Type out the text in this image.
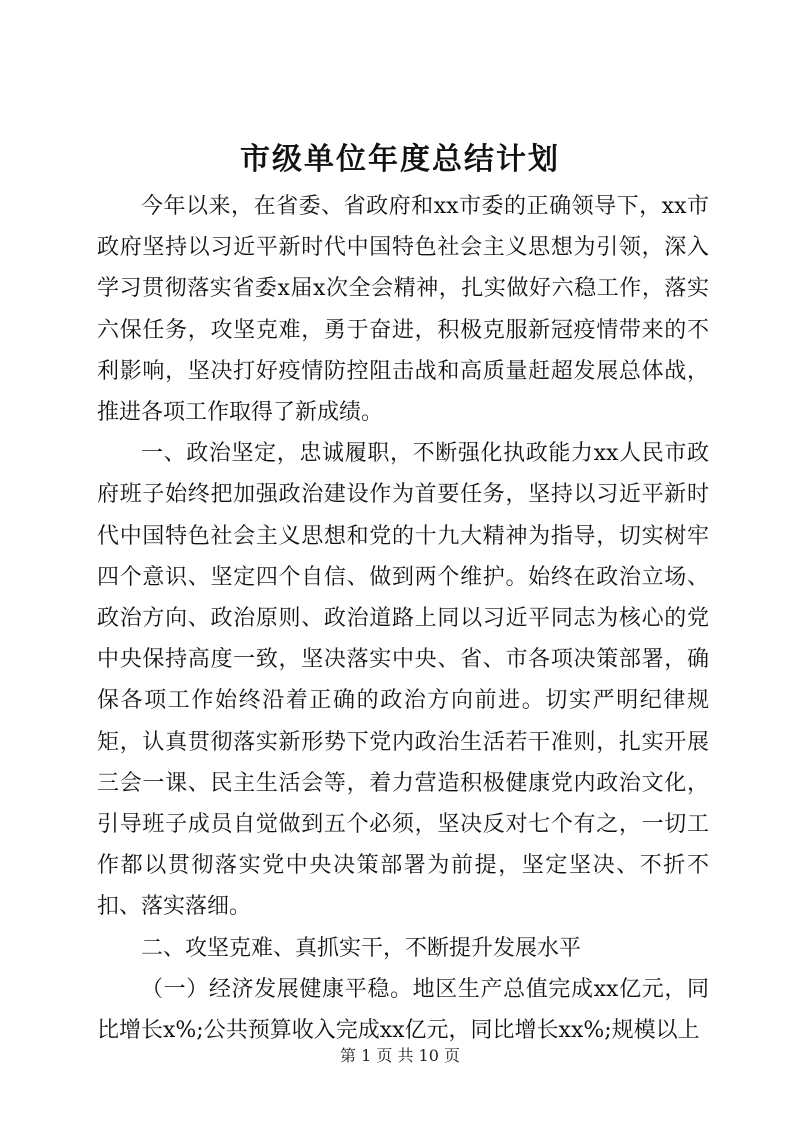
市级单位年度总结计划

今年以来，在省委、省政府和xx市委的正确领导下，xx市政府坚持以习近平新时代中国特色社会主义思想为引领，深入学习贯彻落实省委x届x次全会精神，扎实做好六稳工作，落实六保任务，攻坚克难，勇于奋进，积极克服新冠疫情带来的不利影响，坚决打好疫情防控阻击战和高质量赶超发展总体战，推进各项工作取得了新成绩。

一、政治坚定，忠诚履职，不断强化执政能力xx人民市政府班子始终把加强政治建设作为首要任务，坚持以习近平新时代中国特色社会主义思想和党的十九大精神为指导，切实树牢四个意识、坚定四个自信、做到两个维护。始终在政治立场、政治方向、政治原则、政治道路上同以习近平同志为核心的党中央保持高度一致，坚决落实中央、省、市各项决策部署，确保各项工作始终沿着正确的政治方向前进。切实严明纪律规矩，认真贯彻落实新形势下党内政治生活若干准则，扎实开展三会一课、民主生活会等，着力营造积极健康党内政治文化，引导班子成员自觉做到五个必须，坚决反对七个有之，一切工作都以贯彻落实党中央决策部署为前提，坚定坚决、不折不扣、落实落细。

二、攻坚克难、真抓实干，不断提升发展水平

（一）经济发展健康平稳。地区生产总值完成xx亿元，同比增长x%;公共预算收入完成xx亿元，同比增长xx%;规模以上

第 1 页 共 10 页
